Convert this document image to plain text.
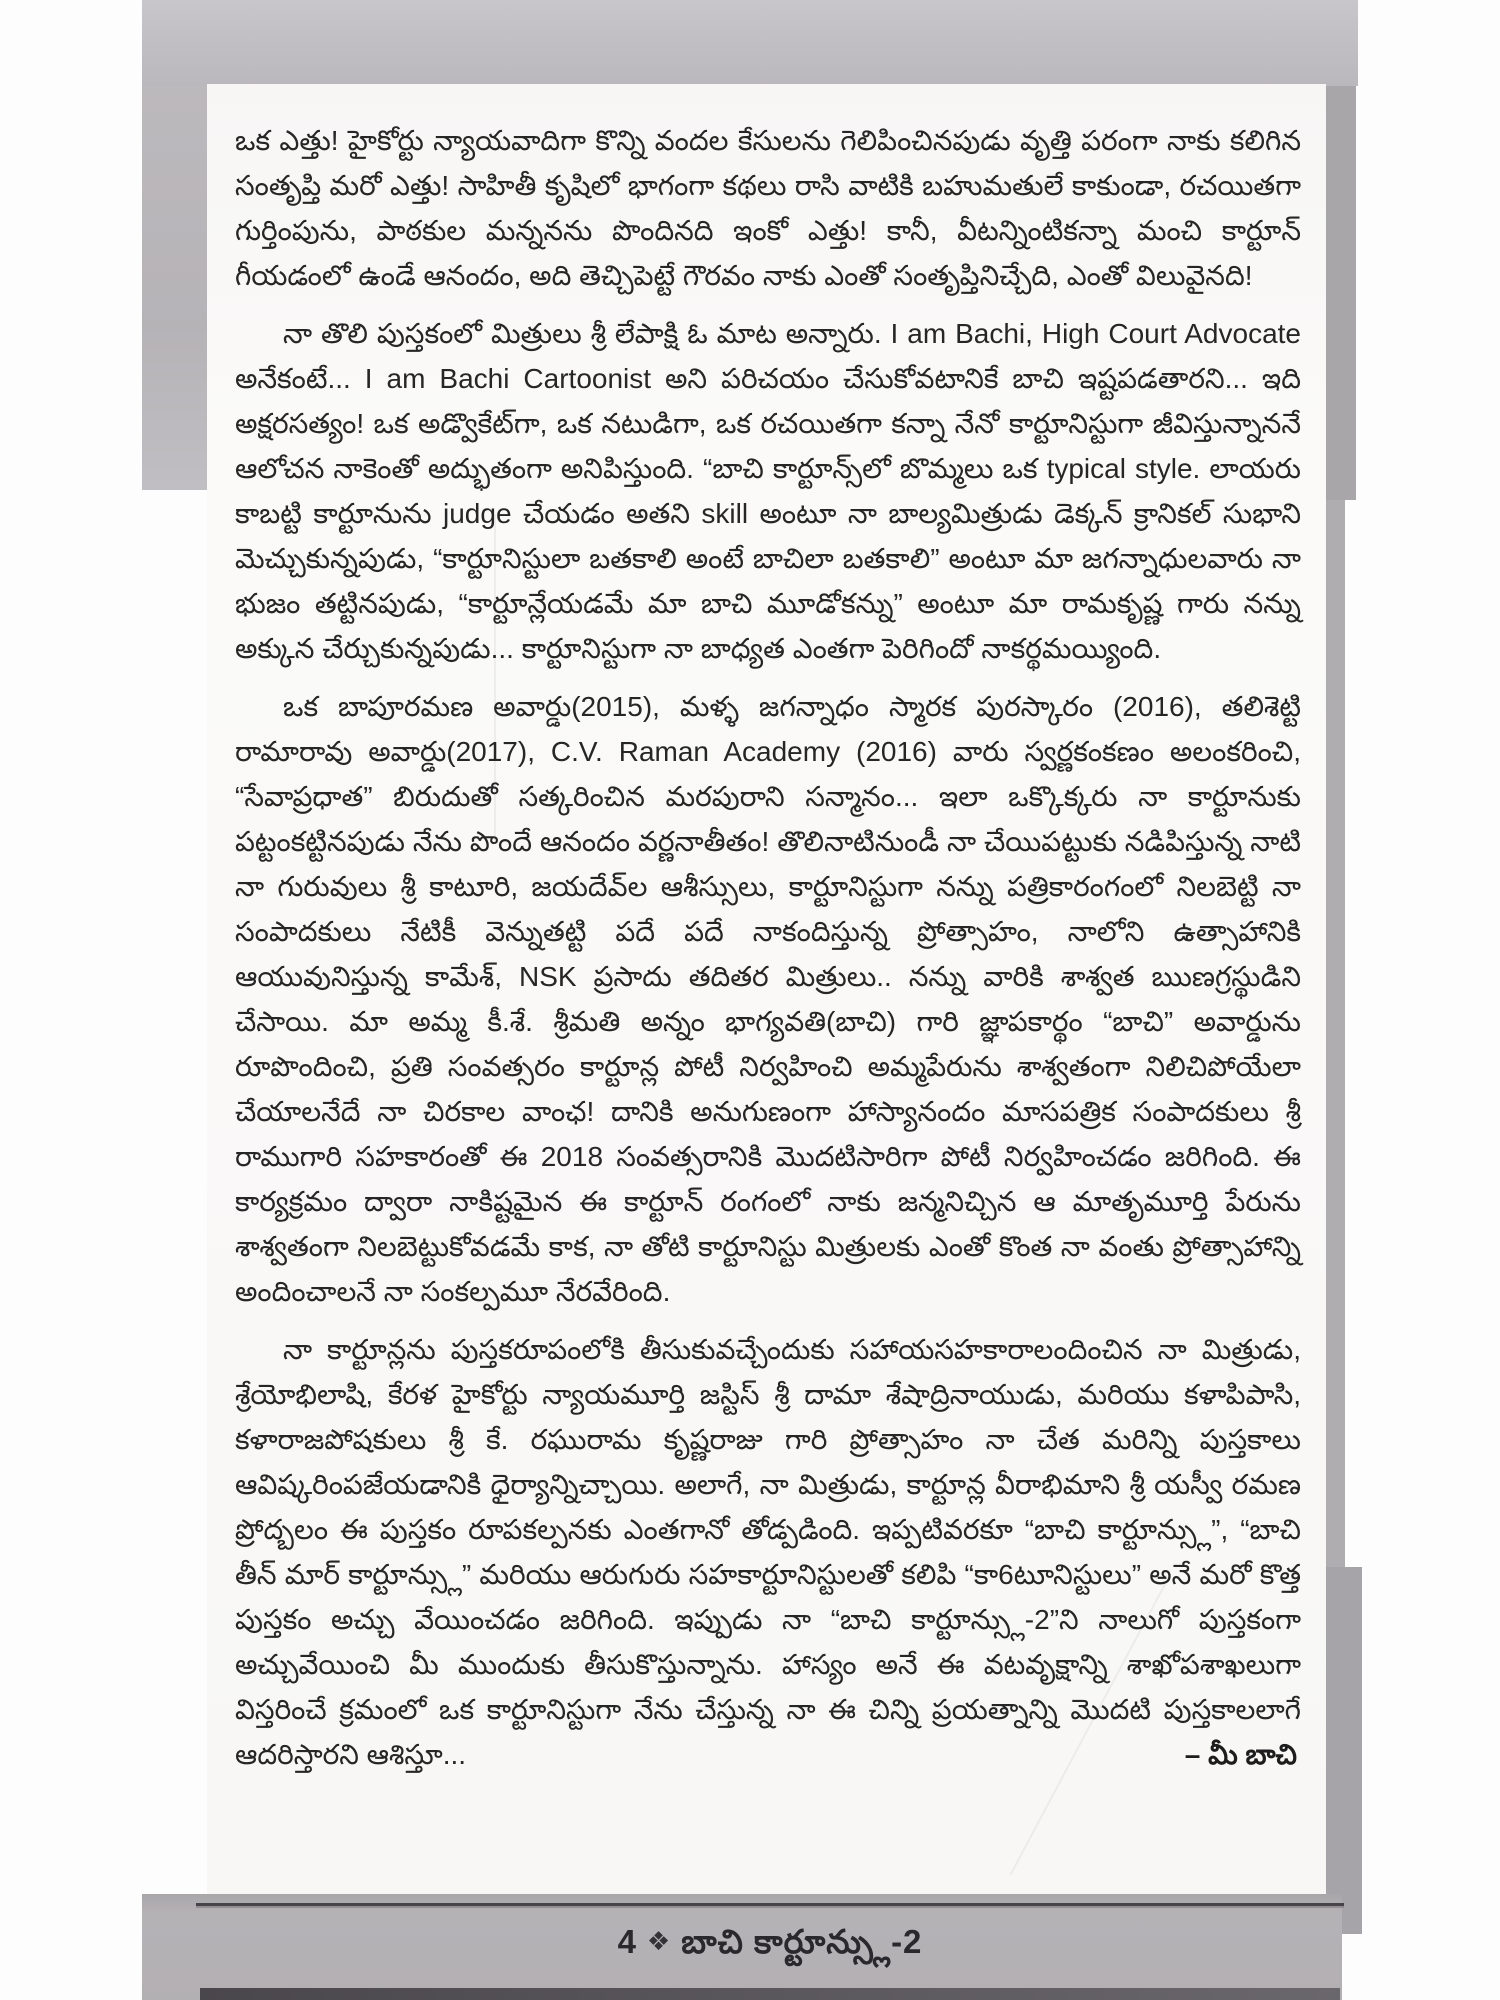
ఒక ఎత్తు! హైకోర్టు న్యాయవాదిగా కొన్ని వందల కేసులను గెలిపించినపుడు వృత్తి పరంగా నాకు కలిగిన సంతృప్తి మరో ఎత్తు! సాహితీ కృషిలో భాగంగా కథలు రాసి వాటికి బహుమతులే కాకుండా, రచయితగా గుర్తింపును, పాఠకుల మన్ననను పొందినది ఇంకో ఎత్తు! కానీ, వీటన్నింటికన్నా మంచి కార్టూన్ గీయడంలో ఉండే ఆనందం, అది తెచ్చిపెట్టే గౌరవం నాకు ఎంతో సంతృప్తినిచ్చేది, ఎంతో విలువైనది!

నా తొలి పుస్తకంలో మిత్రులు శ్రీ లేపాక్షి ఓ మాట అన్నారు. I am Bachi, High Court Advocate అనేకంటే... I am Bachi Cartoonist అని పరిచయం చేసుకోవటానికే బాచి ఇష్టపడతారని... ఇది అక్షరసత్యం! ఒక అడ్వొకేట్‌గా, ఒక నటుడిగా, ఒక రచయితగా కన్నా నేనో కార్టూనిస్టుగా జీవిస్తున్నాననే ఆలోచన నాకెంతో అద్భుతంగా అనిపిస్తుంది. “బాచి కార్టూన్స్‌లో బొమ్మలు ఒక typical style. లాయరు కాబట్టి కార్టూనును judge చేయడం అతని skill అంటూ నా బాల్యమిత్రుడు డెక్కన్ క్రానికల్ సుభాని మెచ్చుకున్నపుడు, “కార్టూనిస్టులా బతకాలి అంటే బాచిలా బతకాలి” అంటూ మా జగన్నాధులవారు నా భుజం తట్టినపుడు, “కార్టూన్లేయడమే మా బాచి మూడోకన్ను” అంటూ మా రామకృష్ణ గారు నన్ను అక్కున చేర్చుకున్నపుడు... కార్టూనిస్టుగా నా బాధ్యత ఎంతగా పెరిగిందో నాకర్థమయ్యింది.

ఒక బాపూరమణ అవార్డు(2015), మళ్ళ జగన్నాధం స్మారక పురస్కారం (2016), తలిశెట్టి రామారావు అవార్డు(2017), C.V. Raman Academy (2016) వారు స్వర్ణకంకణం అలంకరించి, “సేవాప్రధాత” బిరుదుతో సత్కరించిన మరపురాని సన్మానం... ఇలా ఒక్కొక్కరు నా కార్టూనుకు పట్టంకట్టినపుడు నేను పొందే ఆనందం వర్ణనాతీతం! తొలినాటినుండీ నా చేయిపట్టుకు నడిపిస్తున్న నాటి నా గురువులు శ్రీ కాటూరి, జయదేవ్‌ల ఆశీస్సులు, కార్టూనిస్టుగా నన్ను పత్రికారంగంలో నిలబెట్టి నా సంపాదకులు నేటికీ వెన్నుతట్టి పదే పదే నాకందిస్తున్న ప్రోత్సాహం, నాలోని ఉత్సాహానికి ఆయువునిస్తున్న కామేశ్, NSK ప్రసాదు తదితర మిత్రులు.. నన్ను వారికి శాశ్వత ఋణగ్రస్థుడిని చేసాయి. మా అమ్మ కీ.శే. శ్రీమతి అన్నం భాగ్యవతి(బాచి) గారి జ్ఞాపకార్థం “బాచి” అవార్డును రూపొందించి, ప్రతి సంవత్సరం కార్టూన్ల పోటీ నిర్వహించి అమ్మపేరును శాశ్వతంగా నిలిచిపోయేలా చేయాలనేదే నా చిరకాల వాంఛ! దానికి అనుగుణంగా హాస్యానందం మాసపత్రిక సంపాదకులు శ్రీ రాముగారి సహకారంతో ఈ 2018 సంవత్సరానికి మొదటిసారిగా పోటీ నిర్వహించడం జరిగింది. ఈ కార్యక్రమం ద్వారా నాకిష్టమైన ఈ కార్టూన్ రంగంలో నాకు జన్మనిచ్చిన ఆ మాతృమూర్తి పేరును శాశ్వతంగా నిలబెట్టుకోవడమే కాక, నా తోటి కార్టూనిస్టు మిత్రులకు ఎంతో కొంత నా వంతు ప్రోత్సాహాన్ని అందించాలనే నా సంకల్పమూ నేరవేరింది.

నా కార్టూన్లను పుస్తకరూపంలోకి తీసుకువచ్చేందుకు సహాయసహకారాలందించిన నా మిత్రుడు, శ్రేయోభిలాషి, కేరళ హైకోర్టు న్యాయమూర్తి జస్టిస్ శ్రీ దామా శేషాద్రినాయుడు, మరియు కళాపిపాసి, కళారాజపోషకులు శ్రీ కే. రఘురామ కృష్ణరాజు గారి ప్రోత్సాహం నా చేత మరిన్ని పుస్తకాలు ఆవిష్కరింపజేయడానికి ధైర్యాన్నిచ్చాయి. అలాగే, నా మిత్రుడు, కార్టూన్ల వీరాభిమాని శ్రీ యస్వీ రమణ ప్రోద్బలం ఈ పుస్తకం రూపకల్పనకు ఎంతగానో తోడ్పడింది. ఇప్పటివరకూ “బాచి కార్టూన్స్లు”, “బాచి తీన్ మార్ కార్టూన్స్లు” మరియు ఆరుగురు సహకార్టూనిస్టులతో కలిపి “కా6టూనిస్టులు” అనే మరో కొత్త పుస్తకం అచ్చు వేయించడం జరిగింది. ఇప్పుడు నా “బాచి కార్టూన్స్లు-2”ని నాలుగో పుస్తకంగా అచ్చువేయించి మీ ముందుకు తీసుకొస్తున్నాను. హాస్యం అనే ఈ వటవృక్షాన్ని శాఖోపశాఖలుగా విస్తరించే క్రమంలో ఒక కార్టూనిస్టుగా నేను చేస్తున్న నా ఈ చిన్ని ప్రయత్నాన్ని మొదటి పుస్తకాలలాగే ఆదరిస్తారని ఆశిస్తూ...	– మీ బాచి

4 ❖ బాచి కార్టూన్స్లు-2
